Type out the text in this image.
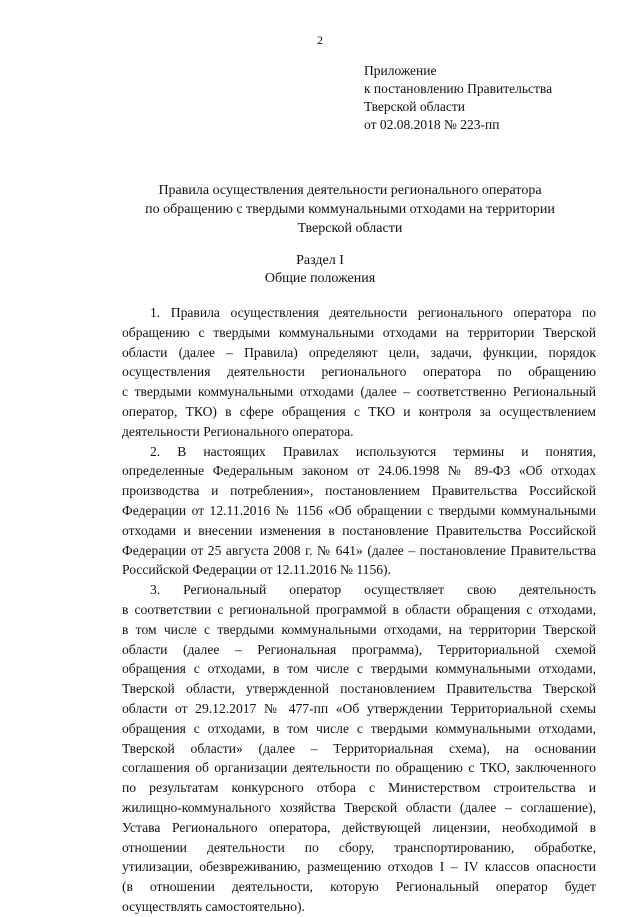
2
Приложение
к постановлению Правительства
Тверской области
от 02.08.2018 № 223-пп
Правила осуществления деятельности регионального оператора
по обращению с твердыми коммунальными отходами на территории
Тверской области
Раздел I
Общие положения

1. Правила осуществления деятельности регионального оператора по
обращению с твердыми коммунальными отходами на территории Тверской
области (далее – Правила) определяют цели, задачи, функции, порядок
осуществления деятельности регионального оператора по обращению
с твердыми коммунальными отходами (далее – соответственно Региональный
оператор, ТКО) в сфере обращения с ТКО и контроля за осуществлением
деятельности Регионального оператора.

2. В настоящих Правилах используются термины и понятия,
определенные Федеральным законом от 24.06.1998 № 89-ФЗ «Об отходах
производства и потребления», постановлением Правительства Российской
Федерации от 12.11.2016 № 1156 «Об обращении с твердыми коммунальными
отходами и внесении изменения в постановление Правительства Российской
Федерации от 25 августа 2008 г. № 641» (далее – постановление Правительства
Российской Федерации от 12.11.2016 № 1156).

3. Региональный оператор осуществляет свою деятельность
в соответствии с региональной программой в области обращения с отходами,
в том числе с твердыми коммунальными отходами, на территории Тверской
области (далее – Региональная программа), Территориальной схемой
обращения с отходами, в том числе с твердыми коммунальными отходами,
Тверской области, утвержденной постановлением Правительства Тверской
области от 29.12.2017 № 477-пп «Об утверждении Территориальной схемы
обращения с отходами, в том числе с твердыми коммунальными отходами,
Тверской области» (далее – Территориальная схема), на основании
соглашения об организации деятельности по обращению с ТКО, заключенного
по результатам конкурсного отбора с Министерством строительства и
жилищно-коммунального хозяйства Тверской области (далее – соглашение),
Устава Регионального оператора, действующей лицензии, необходимой в
отношении деятельности по сбору, транспортированию, обработке,
утилизации, обезвреживанию, размещению отходов I – IV классов опасности
(в отношении деятельности, которую Региональный оператор будет
осуществлять самостоятельно).
